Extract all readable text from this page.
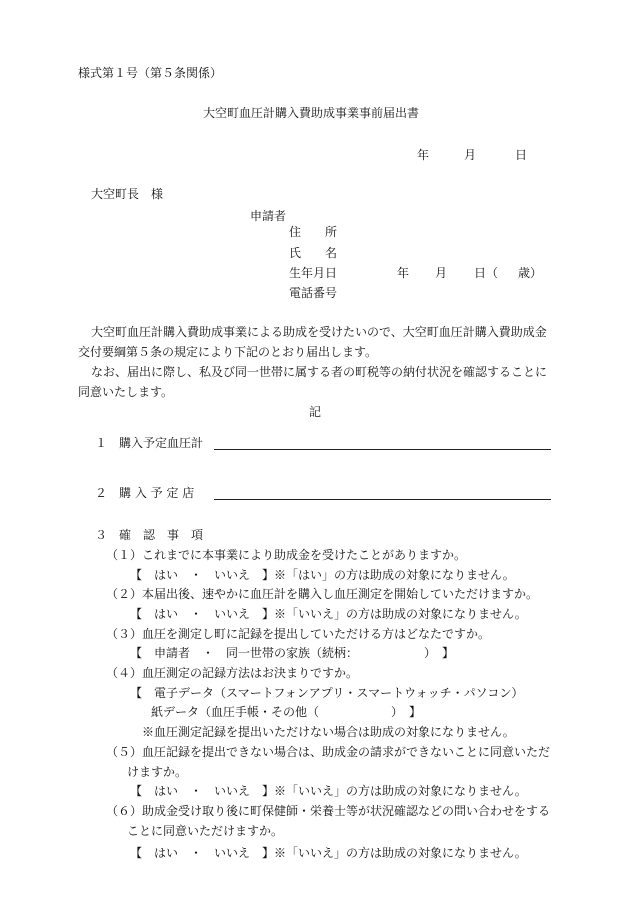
様式第１号（第５条関係）
大空町血圧計購入費助成事業事前届出書
年	月	日
大空町長　様
申請者
住　　所
氏　　名
生年月日	年 月 日（ 歳）
電話番号
大空町血圧計購入費助成事業による助成を受けたいので、大空町血圧計購入費助成金
交付要綱第５条の規定により下記のとおり届出します。
なお、届出に際し、私及び同一世帯に属する者の町税等の納付状況を確認することに
同意いたします。
記
１　購入予定血圧計
２　購 入 予 定 店
３　確　認　事　項
（１）これまでに本事業により助成金を受けたことがありますか。
【　はい　・　いいえ　】※「はい」の方は助成の対象になりません。
（２）本届出後、速やかに血圧計を購入し血圧測定を開始していただけますか。
【　はい　・　いいえ　】※「いいえ」の方は助成の対象になりません。
（３）血圧を測定し町に記録を提出していただける方はどなたですか。
【　申請者　・　同一世帯の家族（続柄：　　　　　　）　】
（４）血圧測定の記録方法はお決まりですか。
【　電子データ（スマートフォンアプリ・スマートウォッチ・パソコン）
紙データ（血圧手帳・その他（　　　　　　）　】
※血圧測定記録を提出いただけない場合は助成の対象になりません。
（５）血圧記録を提出できない場合は、助成金の請求ができないことに同意いただ
けますか。
【　はい　・　いいえ　】※「いいえ」の方は助成の対象になりません。
（６）助成金受け取り後に町保健師・栄養士等が状況確認などの問い合わせをする
ことに同意いただけますか。
【　はい　・　いいえ　】※「いいえ」の方は助成の対象になりません。
